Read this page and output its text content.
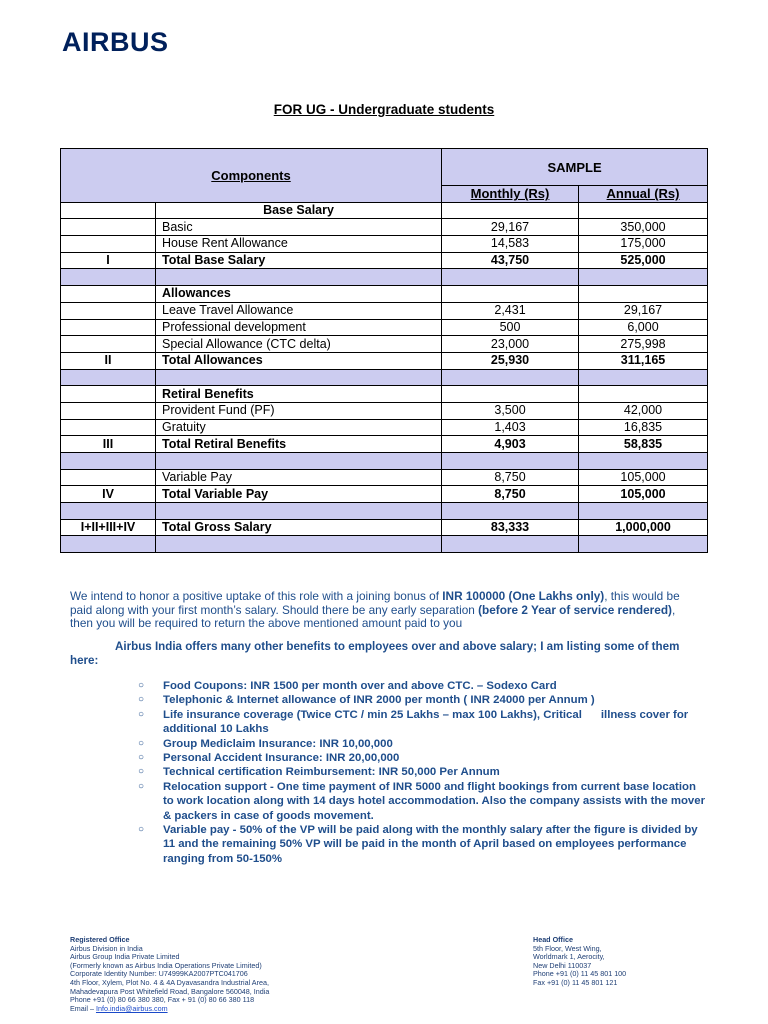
AIRBUS
FOR UG - Undergraduate students
Components		SAMPLE	
		Monthly (Rs)	Annual (Rs)
	Base Salary		
	Basic	29,167	350,000
	House Rent Allowance	14,583	175,000
I	Total Base Salary	43,750	525,000

	Allowances		
	Leave Travel Allowance	2,431	29,167
	Professional development	500	6,000
	Special Allowance (CTC delta)	23,000	275,998
II	Total Allowances	25,930	311,165

	Retiral Benefits		
	Provident Fund (PF)	3,500	42,000
	Gratuity	1,403	16,835
III	Total Retiral Benefits	4,903	58,835

	Variable Pay	8,750	105,000
IV	Total Variable Pay	8,750	105,000

I+II+III+IV	Total Gross Salary	83,333	1,000,000

We intend to honor a positive uptake of this role with a joining bonus of INR 100000 (One Lakhs only), this would be paid along with your first month’s salary. Should there be any early separation (before 2 Year of service rendered), then you will be required to return the above mentioned amount paid to you
Airbus India offers many other benefits to employees over and above salary; I am listing some of them
here:
○ Food Coupons: INR 1500 per month over and above CTC. – Sodexo Card
○ Telephonic & Internet allowance of INR 2000 per month ( INR 24000 per Annum )
○ Life insurance coverage (Twice CTC / min 25 Lakhs – max 100 Lakhs), Critical      illness cover for additional 10 Lakhs
○ Group Mediclaim Insurance: INR 10,00,000
○ Personal Accident Insurance: INR 20,00,000
○ Technical certification Reimbursement: INR 50,000 Per Annum
○ Relocation support - One time payment of INR 5000 and flight bookings from current base location to work location along with 14 days hotel accommodation. Also the company assists with the mover & packers in case of goods movement.
○ Variable pay - 50% of the VP will be paid along with the monthly salary after the figure is divided by 11 and the remaining 50% VP will be paid in the month of April based on employees performance ranging from 50-150%
Registered Office
Airbus Division in India
Airbus Group India Private Limited
(Formerly known as Airbus India Operations Private Limited)
Corporate Identity Number: U74999KA2007PTC041706
4th Floor, Xylem, Plot No. 4 & 4A Dyavasandra Industrial Area,
Mahadevapura Post Whitefield Road, Bangalore 560048, India
Phone +91 (0) 80 66 380 380, Fax + 91 (0) 80 66 380 118
Email – Info.india@airbus.com
Head Office
5th Floor, West Wing,
Worldmark 1, Aerocity,
New Delhi 110037
Phone +91 (0) 11 45 801 100
Fax +91 (0) 11 45 801 121
